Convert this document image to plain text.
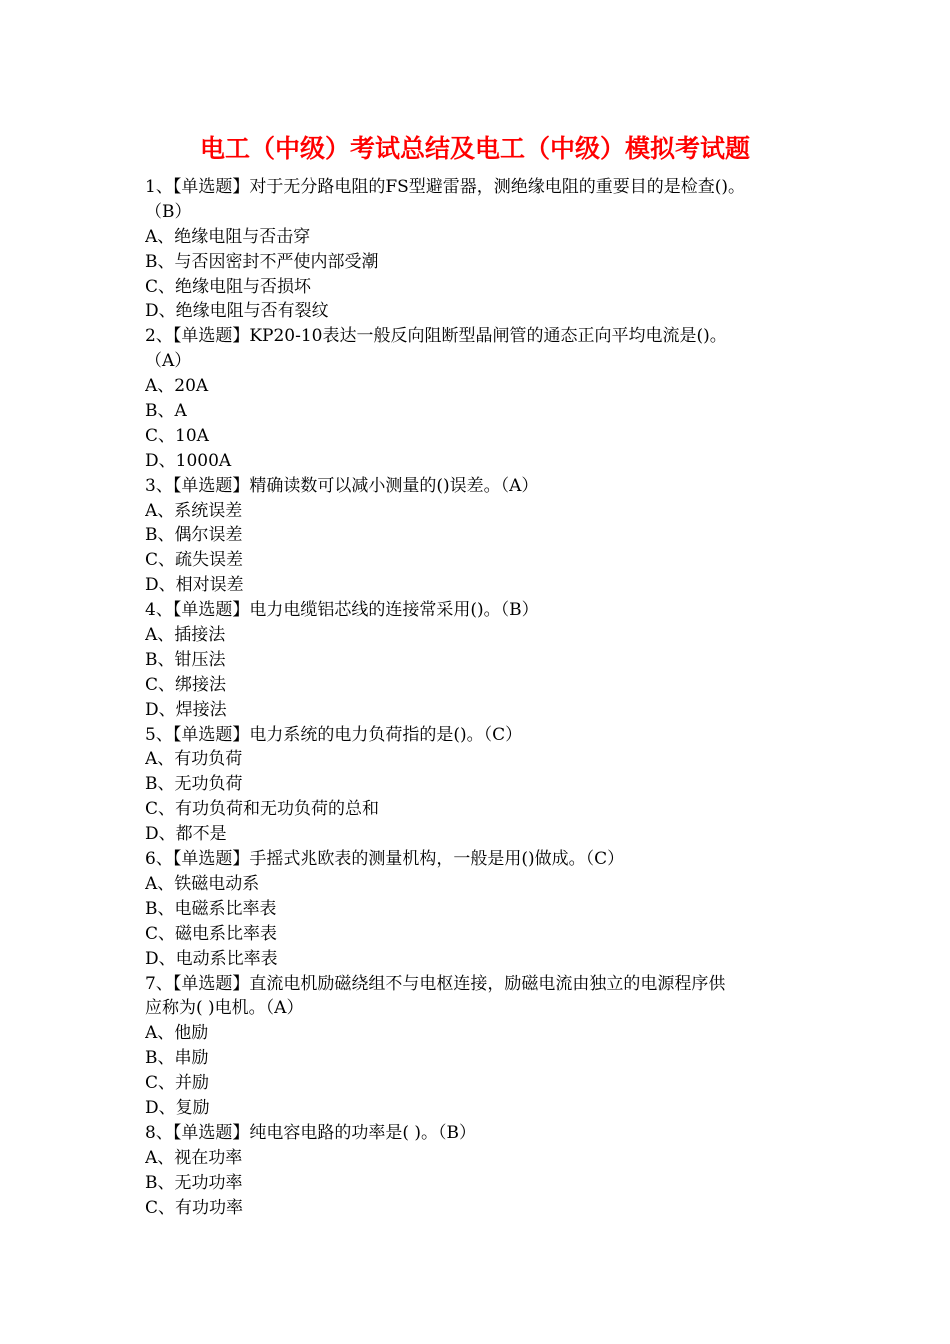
电工（中级）考试总结及电工（中级）模拟考试题
1、【单选题】对于无分路电阻的FS型避雷器，测绝缘电阻的重要目的是检查()。
（B）
A、绝缘电阻与否击穿
B、与否因密封不严使内部受潮
C、绝缘电阻与否损坏
D、绝缘电阻与否有裂纹
2、【单选题】KP20-10表达一般反向阻断型晶闸管的通态正向平均电流是()。
（A）
A、20A
B、A
C、10A
D、1000A
3、【单选题】精确读数可以减小测量的()误差。（A）
A、系统误差
B、偶尔误差
C、疏失误差
D、相对误差
4、【单选题】电力电缆铝芯线的连接常采用()。（B）
A、插接法
B、钳压法
C、绑接法
D、焊接法
5、【单选题】电力系统的电力负荷指的是()。（C）
A、有功负荷
B、无功负荷
C、有功负荷和无功负荷的总和
D、都不是
6、【单选题】手摇式兆欧表的测量机构，一般是用()做成。（C）
A、铁磁电动系
B、电磁系比率表
C、磁电系比率表
D、电动系比率表
7、【单选题】直流电机励磁绕组不与电枢连接，励磁电流由独立的电源程序供
应称为( )电机。（A）
A、他励
B、串励
C、并励
D、复励
8、【单选题】纯电容电路的功率是( )。（B）
A、视在功率
B、无功功率
C、有功功率
